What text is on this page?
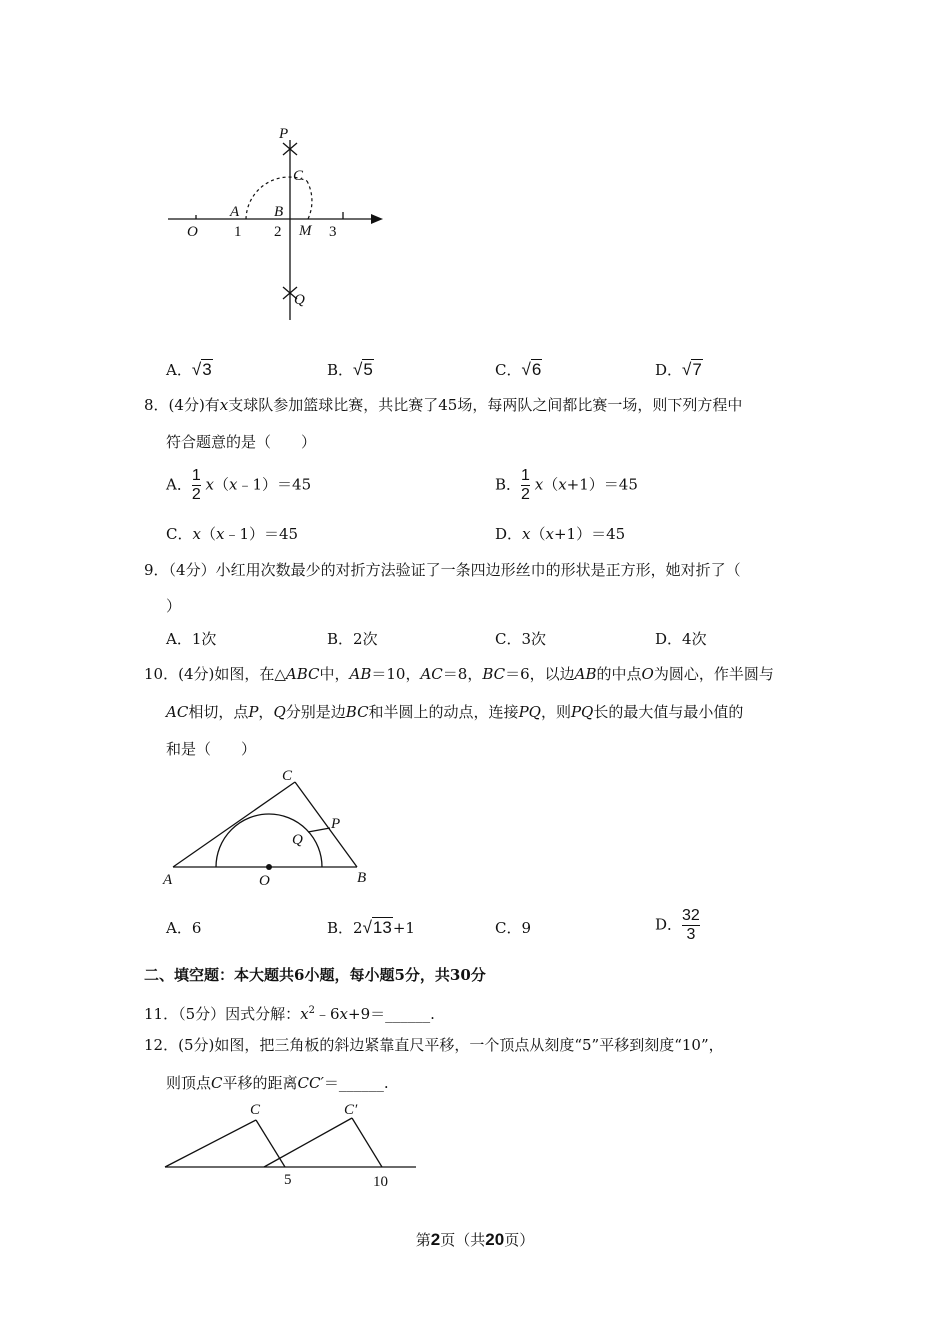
P
C
A B
O 1 2 M 3
Q
A．√3	B．√5	C．√6	D．√7
8．(4分)有x支球队参加篮球比赛，共比赛了45场，每两队之间都比赛一场，则下列方程中
符合题意的是（　　）
A． $\frac{1}{2}$ x（x﹣1）＝45	B． $\frac{1}{2} x(x+1)=45$
C．x（x﹣1）＝45	D．x（x+1）＝45
9．（4分）小红用次数最少的对折方法验证了一条四边形丝巾的形状是正方形，她对折了（
）
A．1次	B．2次	C．3次	D．4次
10．(4分)如图，在△ABC中，AB＝10，AC＝8，BC＝6，以边AB的中点O为圆心，作半圆与
AC相切，点P，Q分别是边BC和半圆上的动点，连接PQ，则PQ长的最大值与最小值的
和是（　　）
C
P
Q
A	O	B
A．6	B．2√13+1	C．9	D． $\frac{32}{3}$
二、填空题：本大题共6小题，每小题5分，共30分
11．（5分）因式分解：$x^2﹣6x+9=\_\_\_\_\_\_$.
12．(5分)如图，把三角板的斜边紧靠直尺平移，一个顶点从刻度“5”平移到刻度“10”，
则顶点C平移的距离CC′＝______.
C	C′
5	10
第2页（共20页）
